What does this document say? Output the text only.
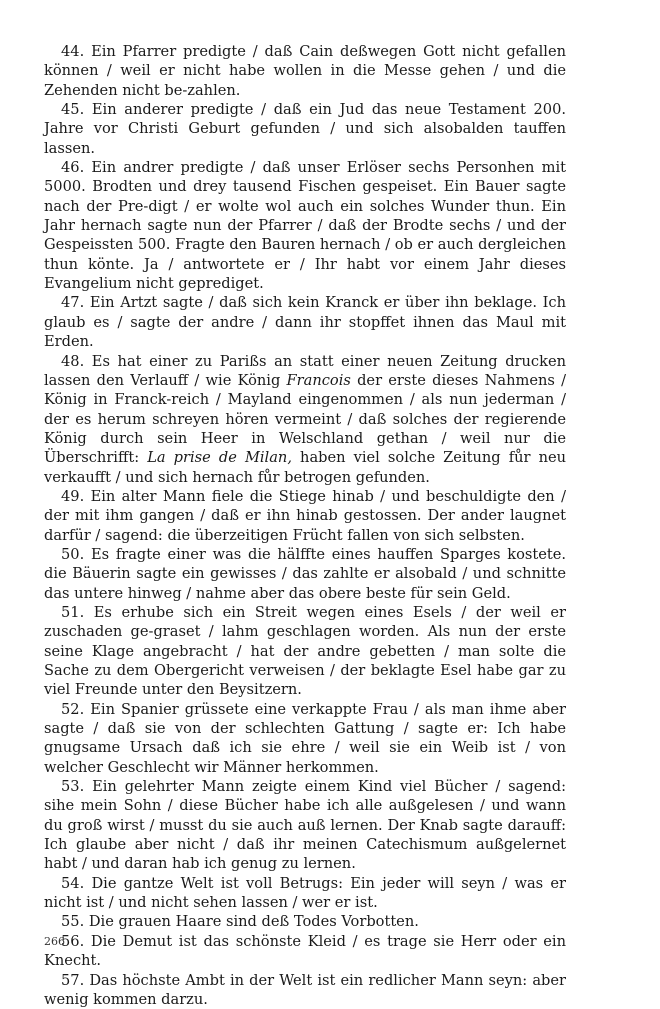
44. Ein Pfarrer predigte / daß Cain deßwegen Gott nicht gefallen können / weil er nicht habe wollen in die Messe gehen / und die Zehenden nicht be-zahlen.

45. Ein anderer predigte / daß ein Jud das neue Testament 200. Jahre vor Christi Geburt gefunden / und sich alsobalden tauffen lassen.

46. Ein andrer predigte / daß unser Erlöser sechs Personhen mit 5000. Brodten und drey tausend Fischen gespeiset. Ein Bauer sagte nach der Pre-digt / er wolte wol auch ein solches Wunder thun. Ein Jahr hernach sagte nun der Pfarrer / daß der Brodte sechs / und der Gespeissten 500. Fragte den Bauren hernach / ob er auch dergleichen thun könte. Ja / antwortete er / Ihr habt vor einem Jahr dieses Evangelium nicht geprediget.

47. Ein Artzt sagte / daß sich kein Kranck er über ihn beklage. Ich glaub es / sagte der andre / dann ihr stopffet ihnen das Maul mit Erden.

48. Es hat einer zu Parißs an statt einer neuen Zeitung drucken lassen den Verlauff / wie König Francois der erste dieses Nahmens / König in Franck-reich / Mayland eingenommen / als nun jederman / der es herum schreyen hören vermeint / daß solches der regierende König durch sein Heer in Welschland gethan / weil nur die Überschrifft: La prise de Milan, haben viel solche Zeitung fůr neu verkaufft / und sich hernach fůr betrogen gefunden.

49. Ein alter Mann fiele die Stiege hinab / und beschuldigte den / der mit ihm gangen / daß er ihn hinab gestossen. Der ander laugnet darfür / sagend: die überzeitigen Frücht fallen von sich selbsten.

50. Es fragte einer was die hälffte eines hauffen Sparges kostete. die Bäuerin sagte ein gewisses / das zahlte er alsobald / und schnitte das untere hinweg / nahme aber das obere beste für sein Geld.

51. Es erhube sich ein Streit wegen eines Esels / der weil er zuschaden ge-graset / lahm geschlagen worden. Als nun der erste seine Klage angebracht / hat der andre gebetten / man solte die Sache zu dem Obergericht verweisen / der beklagte Esel habe gar zu viel Freunde unter den Beysitzern.

52. Ein Spanier grüssete eine verkappte Frau / als man ihme aber sagte / daß sie von der schlechten Gattung / sagte er: Ich habe gnugsame Ursach daß ich sie ehre / weil sie ein Weib ist / von welcher Geschlecht wir Männer herkommen.

53. Ein gelehrter Mann zeigte einem Kind viel Bücher / sagend: sihe mein Sohn / diese Bücher habe ich alle außgelesen / und wann du groß wirst / musst du sie auch auß lernen. Der Knab sagte darauff: Ich glaube aber nicht / daß ihr meinen Catechismum außgelernet habt / und daran hab ich genug zu lernen.

54. Die gantze Welt ist voll Betrugs: Ein jeder will seyn / was er nicht ist / und nicht sehen lassen / wer er ist.

55. Die grauen Haare sind deß Todes Vorbotten.

56. Die Demut ist das schönste Kleid / es trage sie Herr oder ein Knecht.

57. Das höchste Ambt in der Welt ist ein redlicher Mann seyn: aber wenig kommen darzu.

266
